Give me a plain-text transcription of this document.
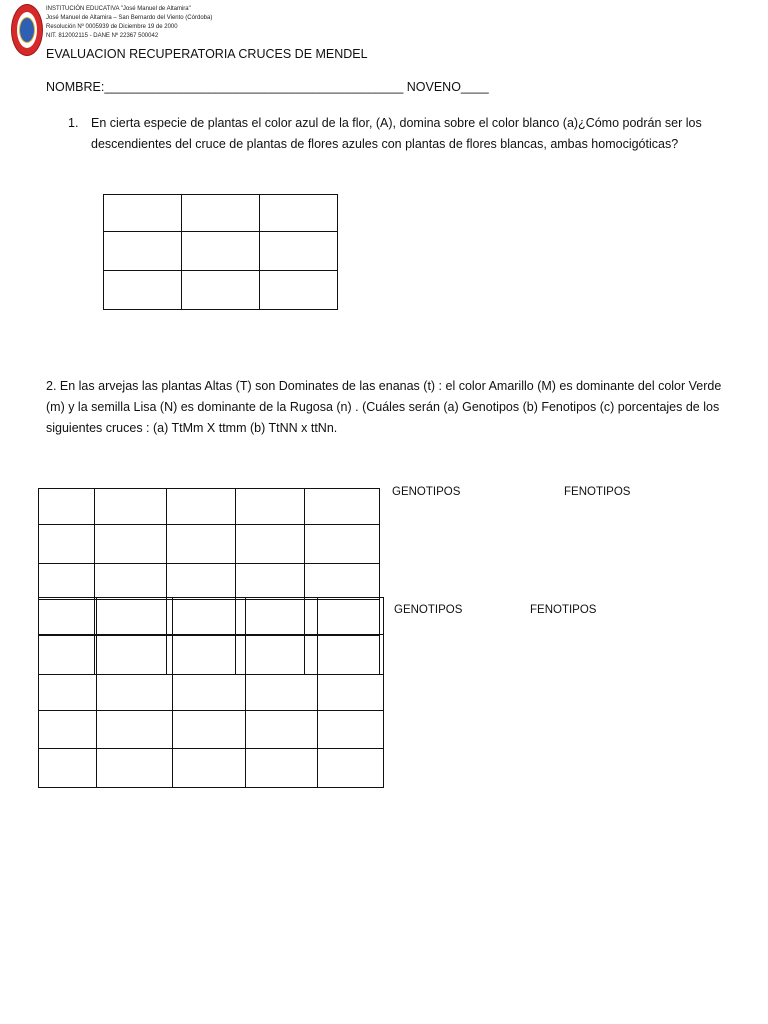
INSTITUCIÓN EDUCATIVA "José Manuel de Altamira"
José Manuel de Altamira – San Bernardo del Viento (Córdoba)
Resolución Nº 0005939 de Diciembre 19 de 2000
NIT. 812002115 - DANE Nº 22367 500042
EVALUACION RECUPERATORIA CRUCES DE MENDEL
NOMBRE:___________________________________________ NOVENO____
1. En cierta especie de plantas el color azul de la flor, (A), domina sobre el color blanco (a)¿Cómo podrán ser los descendientes del cruce de plantas de flores azules con plantas de flores blancas, ambas homocigóticas?

2. En las arvejas las plantas Altas (T) son Dominates de las enanas (t) : el color Amarillo (M) es dominante del color Verde (m) y la semilla Lisa (N) es dominante de la Rugosa (n) . (Cuáles serán (a) Genotipos (b) Fenotipos (c) porcentajes de los siguientes cruces : (a) TtMm X ttmm (b) TtNN x ttNn.

GENOTIPOS	FENOTIPOS
GENOTIPOS	FENOTIPOS
